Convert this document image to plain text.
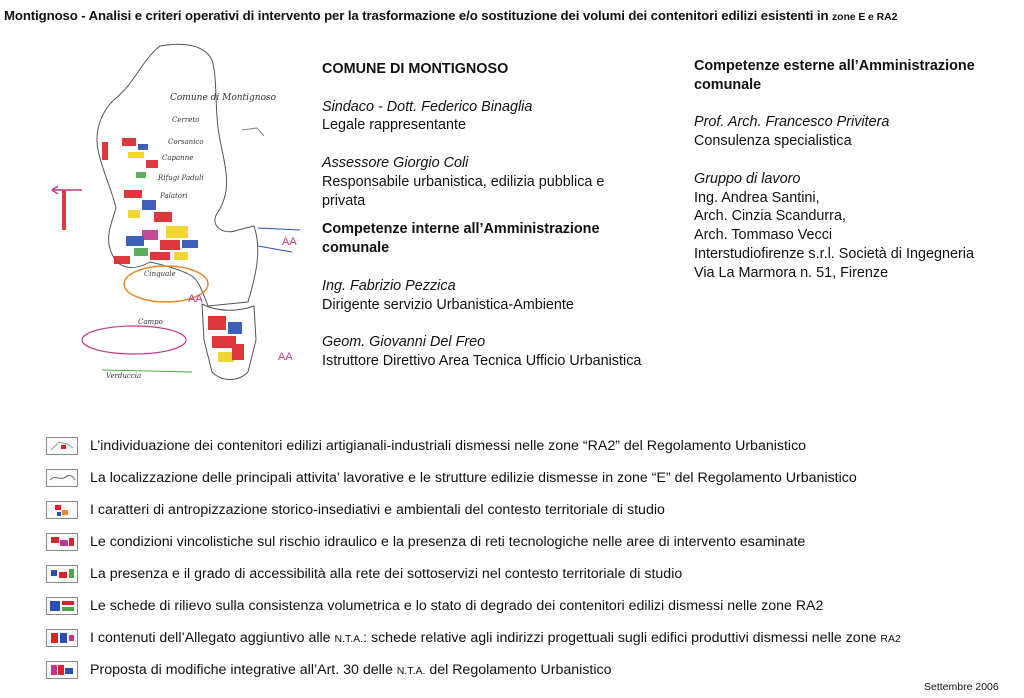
Montignoso - Analisi e criteri operativi di intervento per la trasformazione e/o sostituzione dei volumi dei contenitori edilizi esistenti in zone E e RA2
AA
AA
AA
Comune di Montignoso
Cerreto
Corsanico
Capanne
Rifugi Paduli
Palatori
Cinquale
Campo
Verduccia
COMUNE DI MONTIGNOSO
Sindaco - Dott. Federico Binaglia
Legale rappresentante
Assessore Giorgio Coli
Responsabile urbanistica, edilizia pubblica e
privata
Competenze interne all’Amministrazione
comunale
Ing. Fabrizio Pezzica
Dirigente servizio Urbanistica-Ambiente
Geom. Giovanni Del Freo
Istruttore Direttivo Area Tecnica Ufficio Urbanistica
Competenze esterne all’Amministrazione
comunale
Prof. Arch. Francesco Privitera
Consulenza specialistica
Gruppo di lavoro
Ing. Andrea Santini,
Arch. Cinzia Scandurra,
Arch. Tommaso Vecci
Interstudiofirenze s.r.l. Società di Ingegneria
Via La Marmora n. 51, Firenze
L’individuazione dei contenitori edilizi artigianali-industriali dismessi nelle zone “RA2” del Regolamento Urbanistico
La localizzazione delle principali attivita’ lavorative e le strutture edilizie dismesse in zone “E” del Regolamento Urbanistico
I caratteri di antropizzazione storico-insediativi e ambientali del contesto territoriale di studio
Le condizioni vincolistiche sul rischio idraulico e la presenza di reti tecnologiche nelle aree di intervento esaminate
La presenza e il grado di accessibilità alla rete dei sottoservizi nel contesto territoriale di studio
Le schede di rilievo sulla consistenza volumetrica e lo stato di degrado dei contenitori edilizi dismessi nelle zone RA2
I contenuti dell’Allegato aggiuntivo alle N.T.A.: schede relative agli indirizzi progettuali sugli edifici produttivi dismessi nelle zone RA2
Proposta di modifiche integrative all’Art. 30 delle N.T.A. del Regolamento Urbanistico
Settembre 2006
